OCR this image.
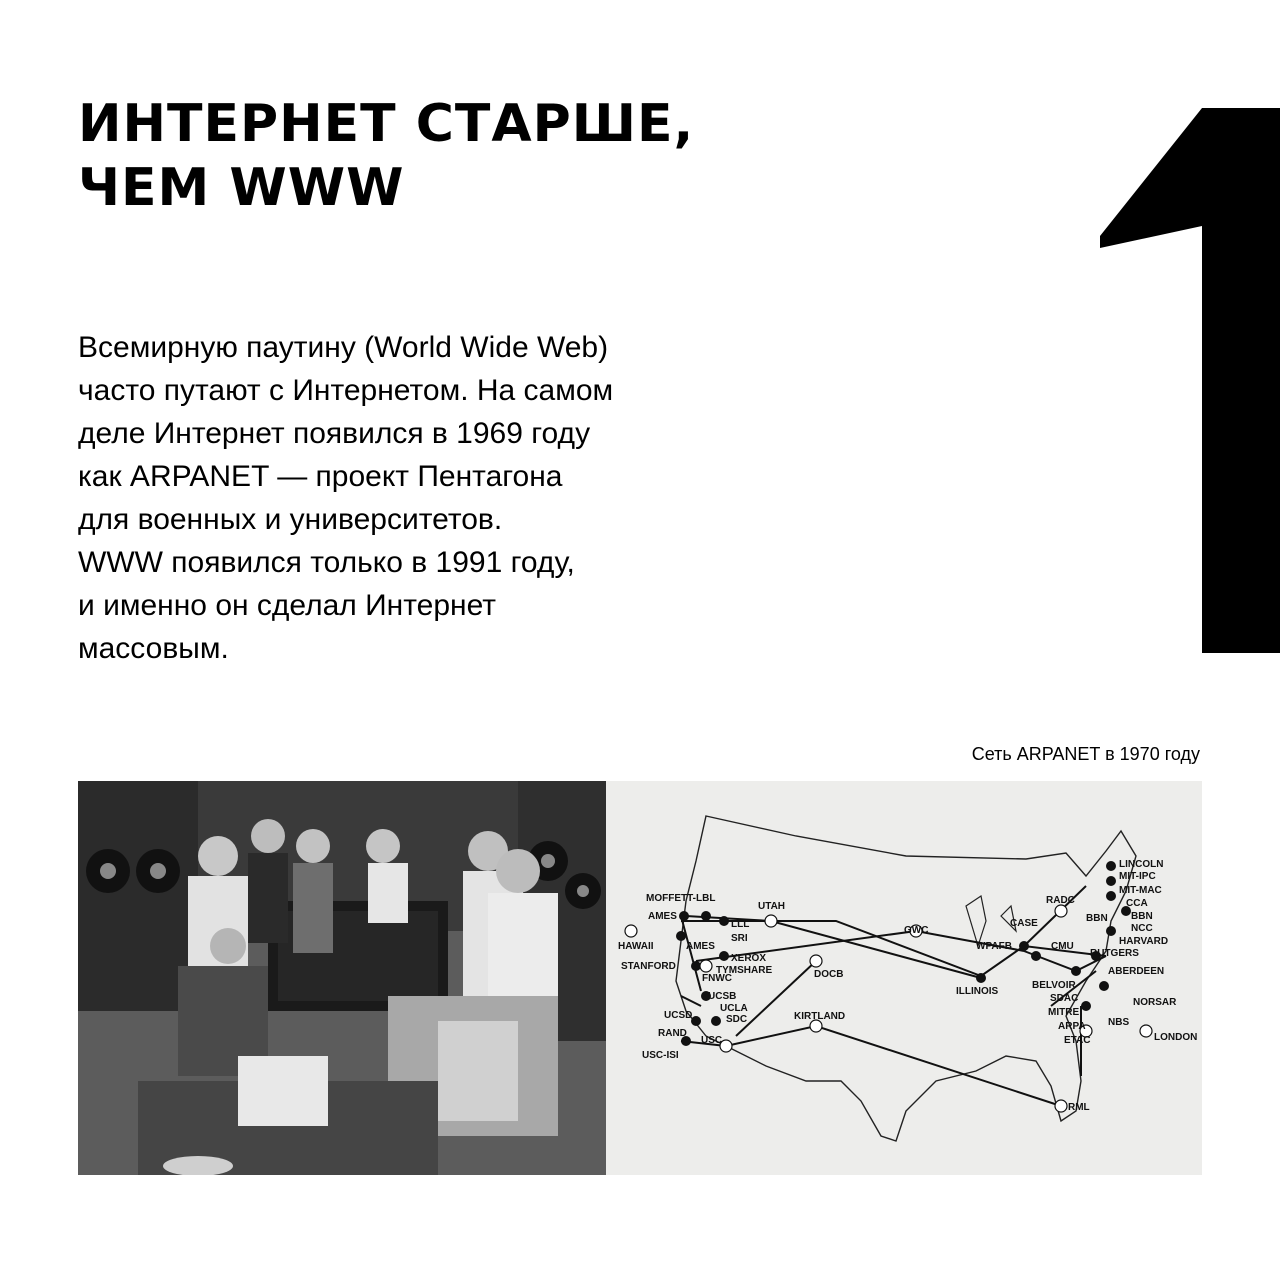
ИНТЕРНЕТ СТАРШЕ,
ЧЕМ WWW
Всемирную паутину (World Wide Web)
часто путают с Интернетом. На самом
деле Интернет появился в 1969 году
как ARPANET — проект Пентагона
для военных и университетов.
WWW появился только в 1991 году,
и именно он сделал Интернет
массовым.
Сеть ARPANET в 1970 году
MOFFETT-LBL
AMES
LLL
SRI
AMES
XEROX
TYMSHARE
HAWAII
STANFORD
FNWC
UCSB
UCLA
UCSD	SDC
RAND
USC
USC-ISI
UTAH
DOCB
KIRTLAND
GWC
ILLINOIS
WPAFB
CASE
CMU
RADC
LINCOLN
MIT-IPC
MIT-MAC
CCA
BBN BBN
NCC
HARVARD
RUTGERS
ABERDEEN
BELVOIR
SDAC	NORSAR
MITRE
NBS
ARPA
LONDON
ETAC
RML
